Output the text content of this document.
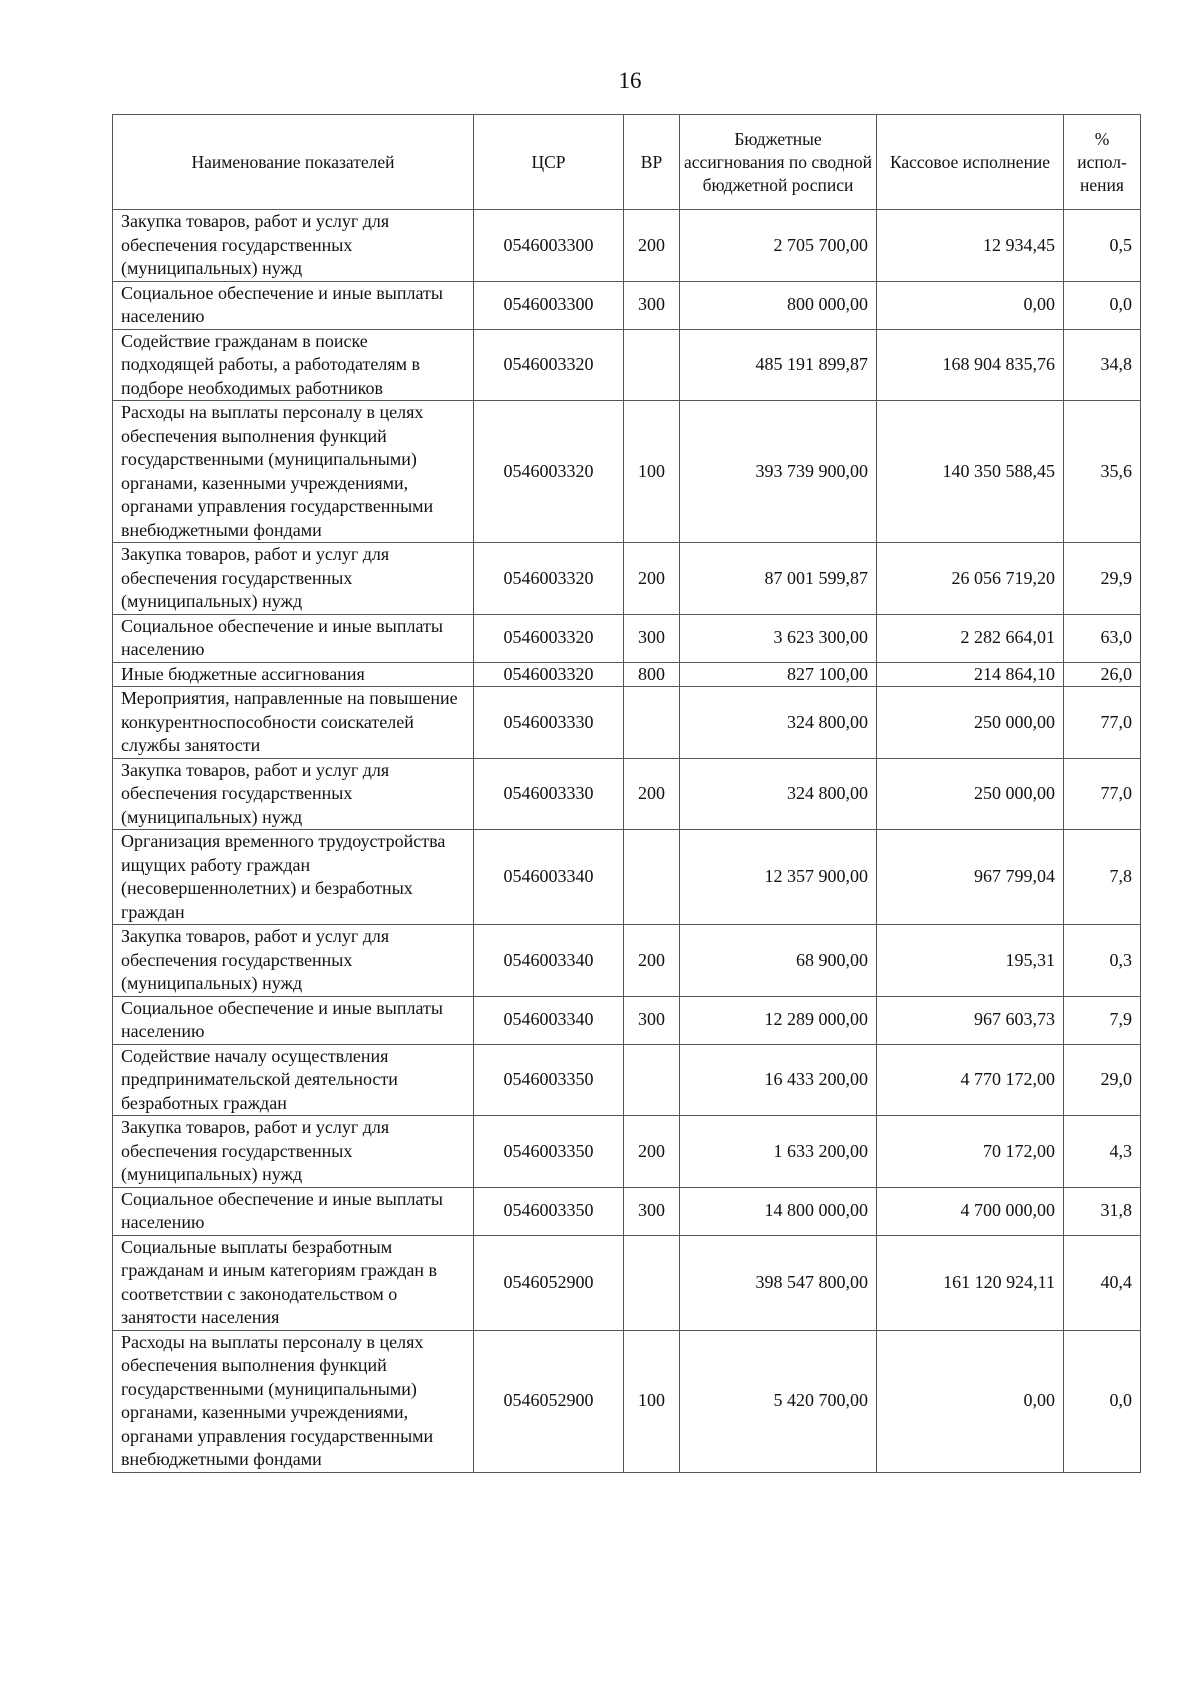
16
Наименование показателей	ЦСР	ВР	Бюджетные ассигнования по сводной бюджетной росписи	Кассовое исполнение	% испол- нения
Закупка товаров, работ и услуг для обеспечения государственных (муниципальных) нужд	0546003300	200	2 705 700,00	12 934,45	0,5
Социальное обеспечение и иные выплаты населению	0546003300	300	800 000,00	0,00	0,0
Содействие гражданам в поиске подходящей работы, а работодателям в подборе необходимых работников	0546003320		485 191 899,87	168 904 835,76	34,8
Расходы на выплаты персоналу в целях обеспечения выполнения функций государственными (муниципальными) органами, казенными учреждениями, органами управления государственными внебюджетными фондами	0546003320	100	393 739 900,00	140 350 588,45	35,6
Закупка товаров, работ и услуг для обеспечения государственных (муниципальных) нужд	0546003320	200	87 001 599,87	26 056 719,20	29,9
Социальное обеспечение и иные выплаты населению	0546003320	300	3 623 300,00	2 282 664,01	63,0
Иные бюджетные ассигнования	0546003320	800	827 100,00	214 864,10	26,0
Мероприятия, направленные на повышение конкурентноспособности соискателей службы занятости	0546003330		324 800,00	250 000,00	77,0
Закупка товаров, работ и услуг для обеспечения государственных (муниципальных) нужд	0546003330	200	324 800,00	250 000,00	77,0
Организация временного трудоустройства ищущих работу граждан (несовершеннолетних) и безработных граждан	0546003340		12 357 900,00	967 799,04	7,8
Закупка товаров, работ и услуг для обеспечения государственных (муниципальных) нужд	0546003340	200	68 900,00	195,31	0,3
Социальное обеспечение и иные выплаты населению	0546003340	300	12 289 000,00	967 603,73	7,9
Содействие началу осуществления предпринимательской деятельности безработных граждан	0546003350		16 433 200,00	4 770 172,00	29,0
Закупка товаров, работ и услуг для обеспечения государственных (муниципальных) нужд	0546003350	200	1 633 200,00	70 172,00	4,3
Социальное обеспечение и иные выплаты населению	0546003350	300	14 800 000,00	4 700 000,00	31,8
Социальные выплаты безработным гражданам и иным категориям граждан в соответствии с законодательством о занятости населения	0546052900		398 547 800,00	161 120 924,11	40,4
Расходы на выплаты персоналу в целях обеспечения выполнения функций государственными (муниципальными) органами, казенными учреждениями, органами управления государственными внебюджетными фондами	0546052900	100	5 420 700,00	0,00	0,0
